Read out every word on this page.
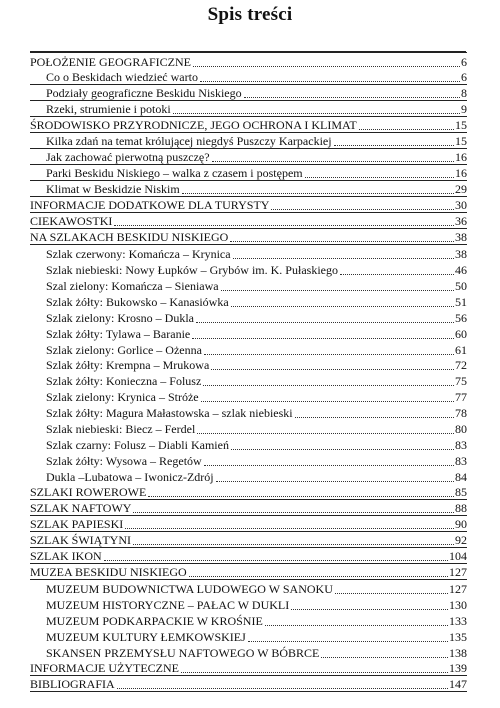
Spis treści
POŁOŻENIE GEOGRAFICZNE	6
Co o Beskidach wiedzieć warto	6
Podziały geograficzne Beskidu Niskiego	8
Rzeki, strumienie i potoki	9
ŚRODOWISKO PRZYRODNICZE, JEGO OCHRONA I KLIMAT	15
Kilka zdań na temat królującej niegdyś Puszczy Karpackiej	15
Jak zachować pierwotną puszczę?	16
Parki Beskidu Niskiego – walka z czasem i postępem	16
Klimat w Beskidzie Niskim	29
INFORMACJE DODATKOWE DLA TURYSTY	30
CIEKAWOSTKI	36
NA SZLAKACH BESKIDU NISKIEGO	38
Szlak czerwony: Komańcza – Krynica	38
Szlak niebieski: Nowy Łupków – Grybów im. K. Pułaskiego	46
Szal zielony: Komańcza – Sieniawa	50
Szlak żółty: Bukowsko – Kanasiówka	51
Szlak zielony: Krosno – Dukla	56
Szlak żółty: Tylawa – Baranie	60
Szlak zielony: Gorlice – Ożenna	61
Szlak żółty: Krempna – Mrukowa	72
Szlak żółty: Konieczna – Folusz	75
Szlak zielony: Krynica – Stróże	77
Szlak żółty: Magura Małastowska – szlak niebieski	78
Szlak niebieski: Biecz – Ferdel	80
Szlak czarny: Folusz – Diabli Kamień	83
Szlak żółty: Wysowa – Regetów	83
Dukla –Lubatowa – Iwonicz-Zdrój	84
SZLAKI ROWEROWE	85
SZLAK NAFTOWY	88
SZLAK PAPIESKI	90
SZLAK ŚWIĄTYNI	92
SZLAK IKON	104
MUZEA BESKIDU NISKIEGO	127
MUZEUM BUDOWNICTWA LUDOWEGO W SANOKU	127
MUZEUM HISTORYCZNE – PAŁAC W DUKLI	130
MUZEUM PODKARPACKIE W KROŚNIE	133
MUZEUM KULTURY ŁEMKOWSKIEJ	135
SKANSEN PRZEMYSŁU NAFTOWEGO W BÓBRCE	138
INFORMACJE UŻYTECZNE	139
BIBLIOGRAFIA	147
